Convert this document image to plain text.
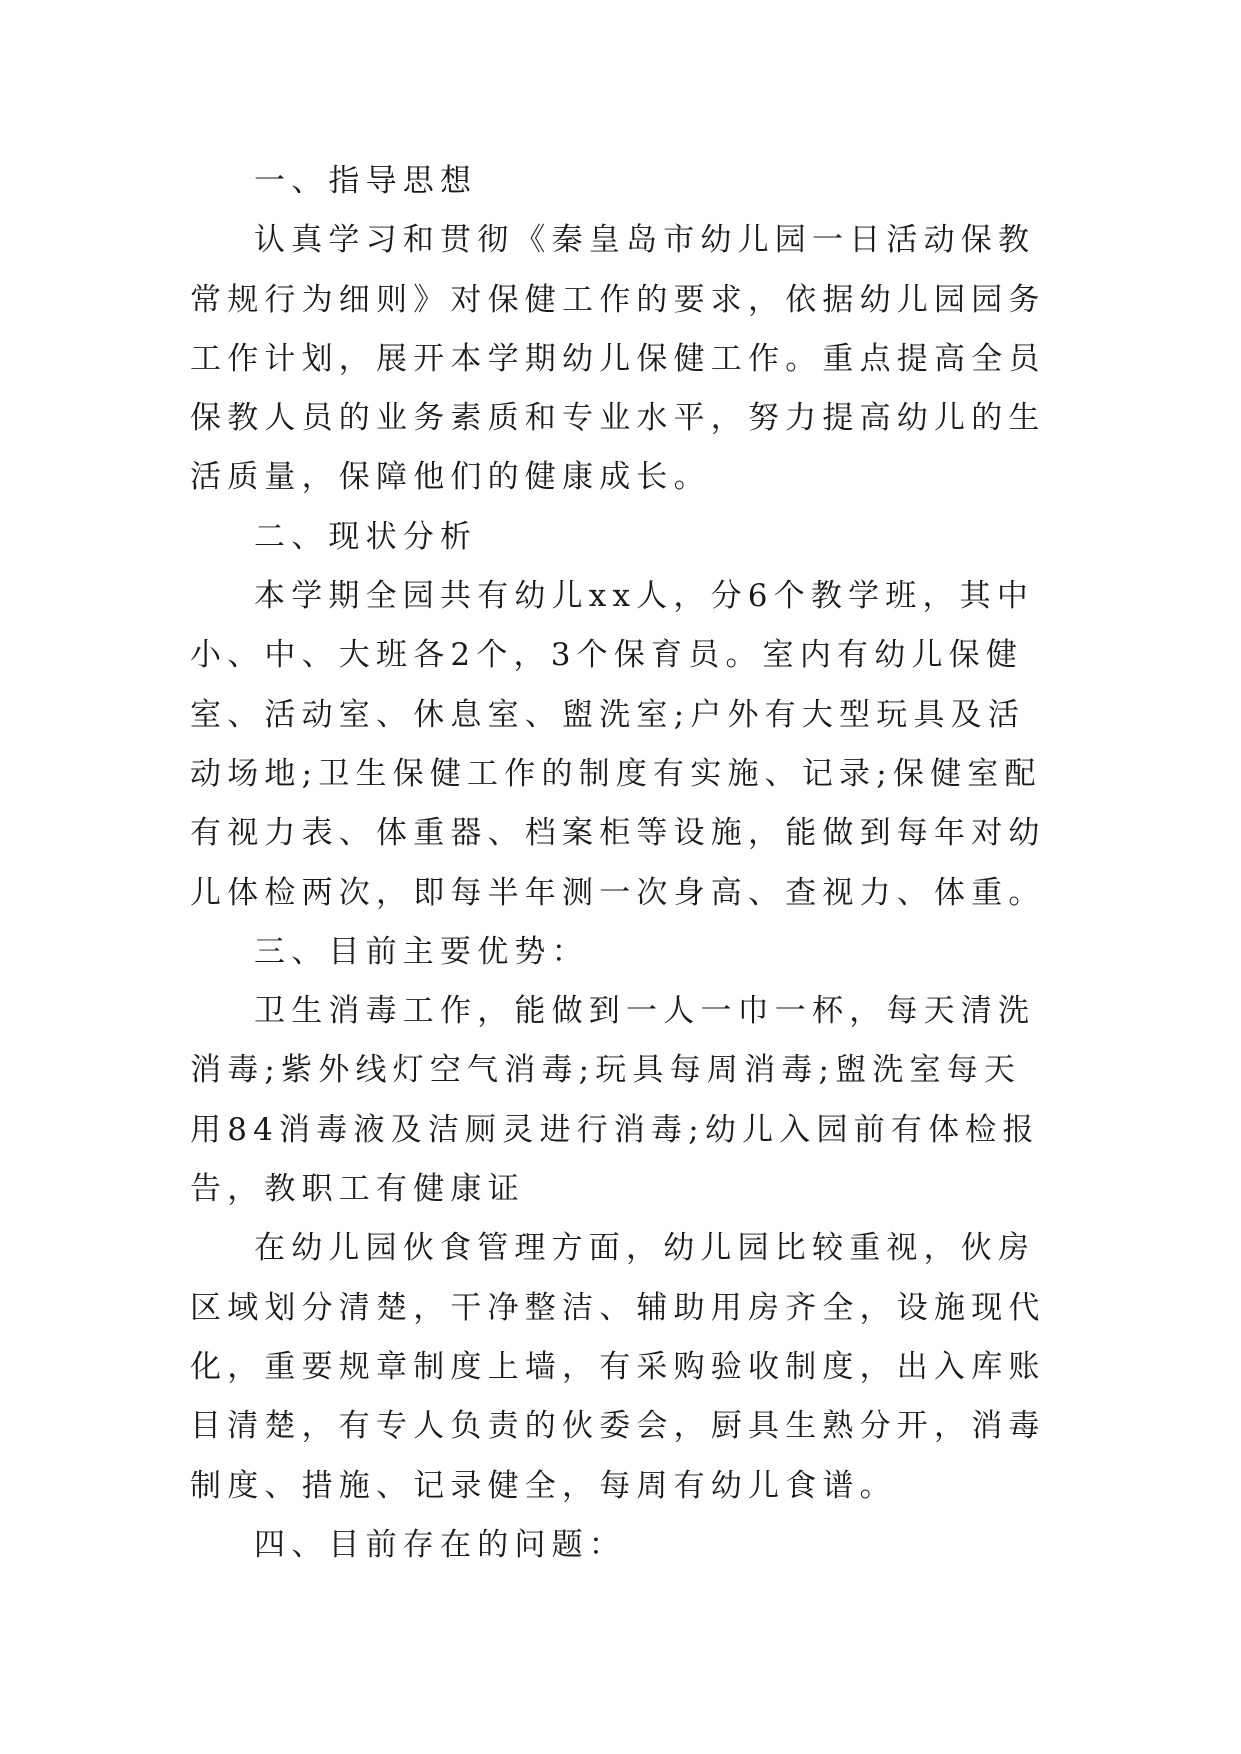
一、指导思想

认真学习和贯彻《秦皇岛市幼儿园一日活动保教常规行为细则》对保健工作的要求，依据幼儿园园务工作计划，展开本学期幼儿保健工作。重点提高全员保教人员的业务素质和专业水平，努力提高幼儿的生活质量，保障他们的健康成长。

二、现状分析

本学期全园共有幼儿xx人，分6个教学班，其中小、中、大班各2个，3个保育员。室内有幼儿保健室、活动室、休息室、盥洗室;户外有大型玩具及活动场地;卫生保健工作的制度有实施、记录;保健室配有视力表、体重器、档案柜等设施，能做到每年对幼儿体检两次，即每半年测一次身高、查视力、体重。

三、目前主要优势：

卫生消毒工作，能做到一人一巾一杯，每天清洗消毒;紫外线灯空气消毒;玩具每周消毒;盥洗室每天用84消毒液及洁厕灵进行消毒;幼儿入园前有体检报告，教职工有健康证

在幼儿园伙食管理方面，幼儿园比较重视，伙房区域划分清楚，干净整洁、辅助用房齐全，设施现代化，重要规章制度上墙，有采购验收制度，出入库账目清楚，有专人负责的伙委会，厨具生熟分开，消毒制度、措施、记录健全，每周有幼儿食谱。

四、目前存在的问题：
